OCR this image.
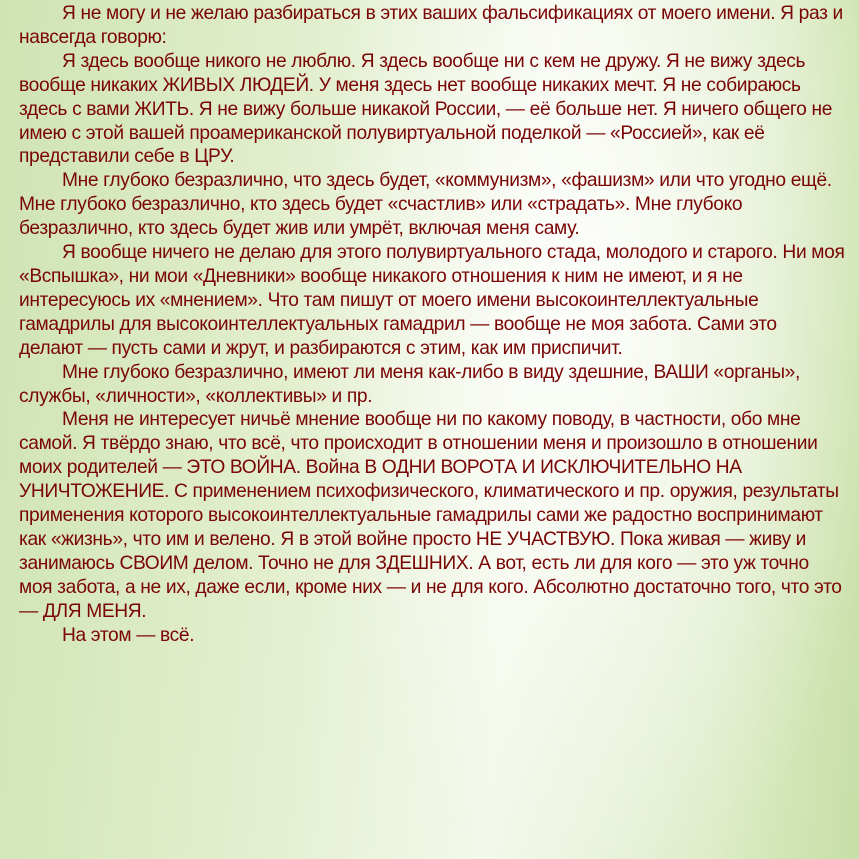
Я не могу и не желаю разбираться в этих ваших фальсификациях от моего имени. Я раз и навсегда говорю:

Я здесь вообще никого не люблю. Я здесь вообще ни с кем не дружу. Я не вижу здесь вообще никаких ЖИВЫХ ЛЮДЕЙ. У меня здесь нет вообще никаких мечт. Я не собираюсь здесь с вами ЖИТЬ. Я не вижу больше никакой России, — её больше нет. Я ничего общего не имею с этой вашей проамериканской полувиртуальной поделкой — «Россией», как её представили себе в ЦРУ.

Мне глубоко безразлично, что здесь будет, «коммунизм», «фашизм» или что угодно ещё. Мне глубоко безразлично, кто здесь будет «счастлив» или «страдать». Мне глубоко безразлично, кто здесь будет жив или умрёт, включая меня саму.

Я вообще ничего не делаю для этого полувиртуального стада, молодого и старого. Ни моя «Вспышка», ни мои «Дневники» вообще никакого отношения к ним не имеют, и я не интересуюсь их «мнением». Что там пишут от моего имени высокоинтеллектуальные гамадрилы для высокоинтеллектуальных гамадрил — вообще не моя забота. Сами это делают — пусть сами и жрут, и разбираются с этим, как им приспичит.

Мне глубоко безразлично, имеют ли меня как-либо в виду здешние, ВАШИ «органы», службы, «личности», «коллективы» и пр.

Меня не интересует ничьё мнение вообще ни по какому поводу, в частности, обо мне самой. Я твёрдо знаю, что всё, что происходит в отношении меня и произошло в отношении моих родителей — ЭТО ВОЙНА. Война В ОДНИ ВОРОТА И ИСКЛЮЧИТЕЛЬНО НА УНИЧТОЖЕНИЕ. С применением психофизического, климатического и пр. оружия, результаты применения которого высокоинтеллектуальные гамадрилы сами же радостно воспринимают как «жизнь», что им и велено. Я в этой войне просто НЕ УЧАСТВУЮ. Пока живая — живу и занимаюсь СВОИМ делом. Точно не для ЗДЕШНИХ. А вот, есть ли для кого — это уж точно моя забота, а не их, даже если, кроме них — и не для кого. Абсолютно достаточно того, что это — ДЛЯ МЕНЯ.

На этом — всё.
